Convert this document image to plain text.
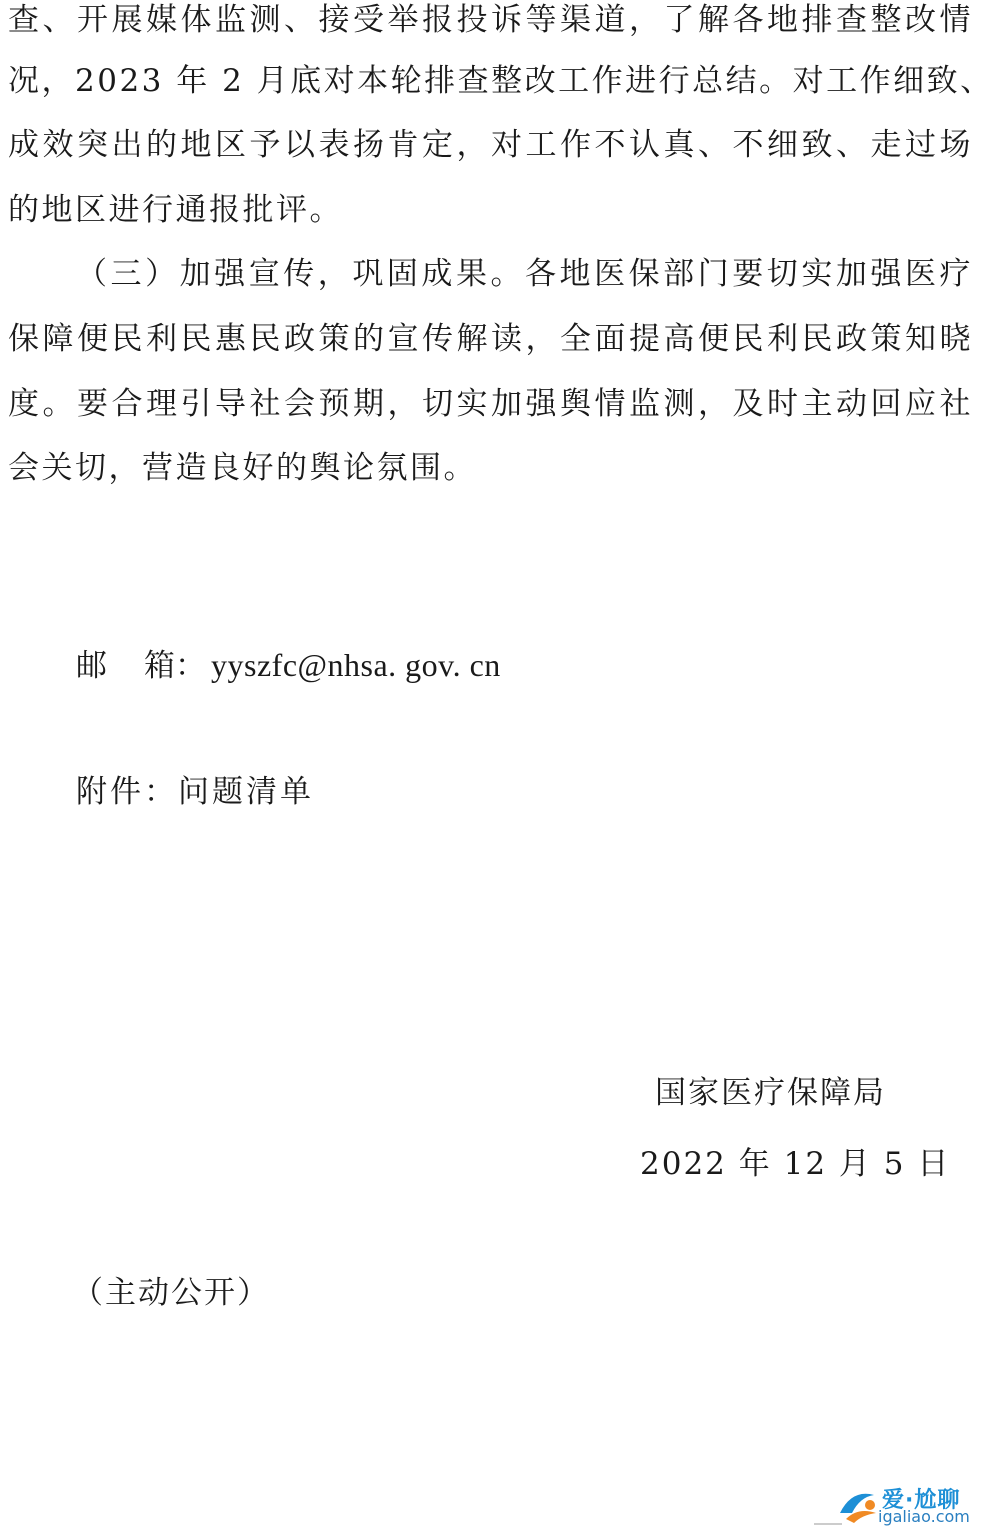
查、开展媒体监测、接受举报投诉等渠道，了解各地排查整改情
况，2023 年 2 月底对本轮排查整改工作进行总结。对工作细致、
成效突出的地区予以表扬肯定，对工作不认真、不细致、走过场
的地区进行通报批评。
（三）加强宣传，巩固成果。各地医保部门要切实加强医疗
保障便民利民惠民政策的宣传解读，全面提高便民利民政策知晓
度。要合理引导社会预期，切实加强舆情监测，及时主动回应社
会关切，营造良好的舆论氛围。
邮 箱： yyszfc@nhsa. gov. cn
附件：问题清单
国家医疗保障局
2022 年 12 月 5 日
（主动公开）
爱·尬聊
igaliao.com
